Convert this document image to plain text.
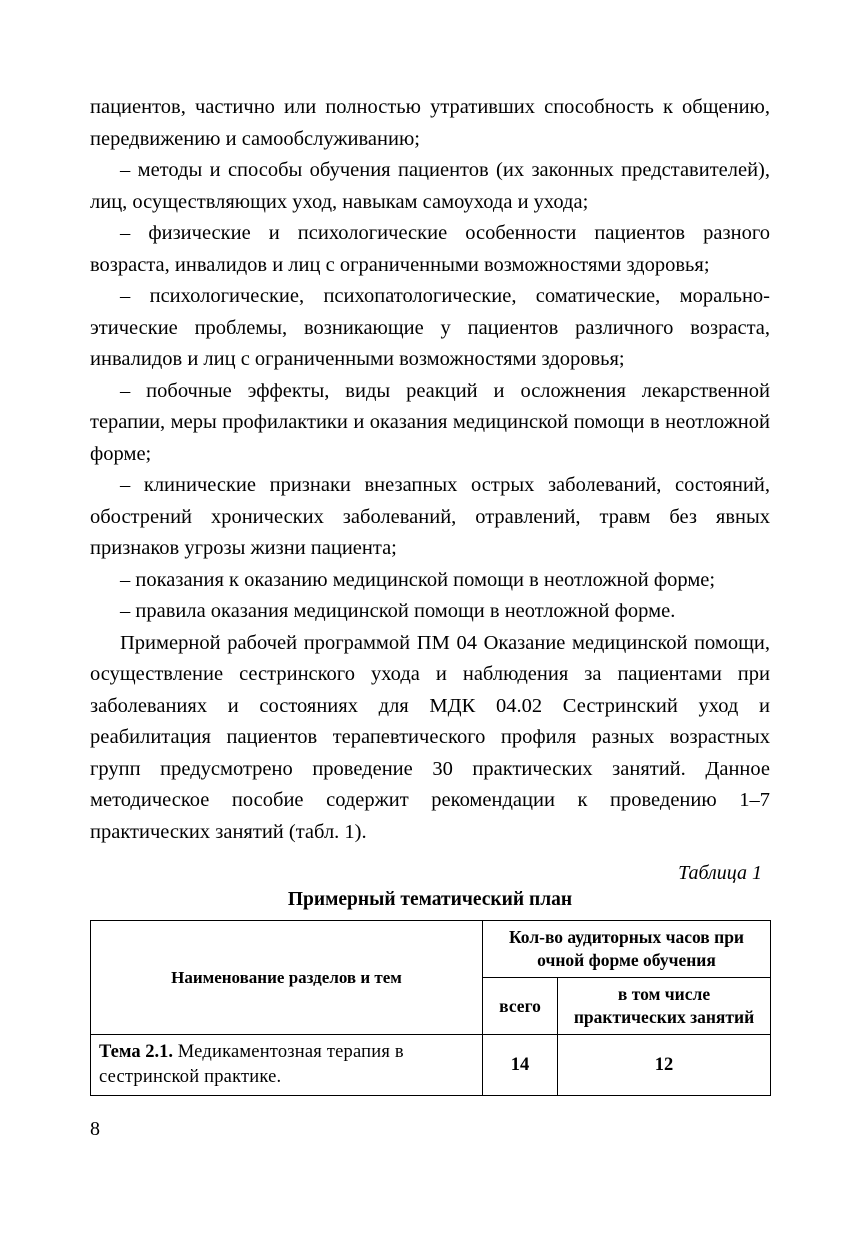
пациентов, частично или полностью утративших способность к общению, передвижению и самообслуживанию;

– методы и способы обучения пациентов (их законных представителей), лиц, осуществляющих уход, навыкам самоухода и ухода;

– физические и психологические особенности пациентов разного возраста, инвалидов и лиц с ограниченными возможностями здоровья;

– психологические, психопатологические, соматические, морально-этические проблемы, возникающие у пациентов различного возраста, инвалидов и лиц с ограниченными возможностями здоровья;

– побочные эффекты, виды реакций и осложнения лекарственной терапии, меры профилактики и оказания медицинской помощи в неотложной форме;

– клинические признаки внезапных острых заболеваний, состояний, обострений хронических заболеваний, отравлений, травм без явных признаков угрозы жизни пациента;

– показания к оказанию медицинской помощи в неотложной форме;

– правила оказания медицинской помощи в неотложной форме.

Примерной рабочей программой ПМ 04 Оказание медицинской помощи, осуществление сестринского ухода и наблюдения за пациентами при заболеваниях и состояниях для МДК 04.02 Сестринский уход и реабилитация пациентов терапевтического профиля разных возрастных групп предусмотрено проведение 30 практических занятий. Данное методическое пособие содержит рекомендации к проведению 1–7 практических занятий (табл. 1).

Таблица 1
Примерный тематический план
Наименование разделов и тем	Кол-во аудиторных часов при очной форме обучения	
	всего	в том числе практических занятий
Тема 2.1. Медикаментозная терапия в сестринской практике.	14	12
8
